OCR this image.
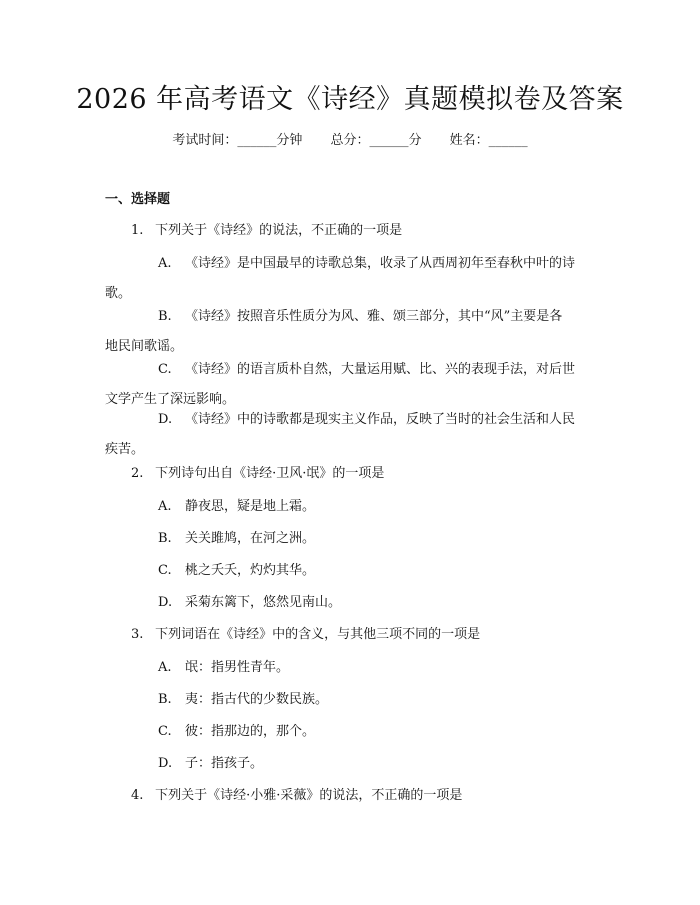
2026 年高考语文《诗经》真题模拟卷及答案
考试时间：______分钟 总分：______分 姓名：______
一、选择题
1. 下列关于《诗经》的说法，不正确的一项是
A. 《诗经》是中国最早的诗歌总集，收录了从西周初年至春秋中叶的诗
歌。
B. 《诗经》按照音乐性质分为风、雅、颂三部分，其中“风”主要是各
地民间歌谣。
C. 《诗经》的语言质朴自然，大量运用赋、比、兴的表现手法，对后世
文学产生了深远影响。
D. 《诗经》中的诗歌都是现实主义作品，反映了当时的社会生活和人民
疾苦。
2. 下列诗句出自《诗经·卫风·氓》的一项是
A. 静夜思，疑是地上霜。
B. 关关雎鸠，在河之洲。
C. 桃之夭夭，灼灼其华。
D. 采菊东篱下，悠然见南山。
3. 下列词语在《诗经》中的含义，与其他三项不同的一项是
A. 氓：指男性青年。
B. 夷：指古代的少数民族。
C. 彼：指那边的，那个。
D. 子：指孩子。
4. 下列关于《诗经·小雅·采薇》的说法，不正确的一项是
